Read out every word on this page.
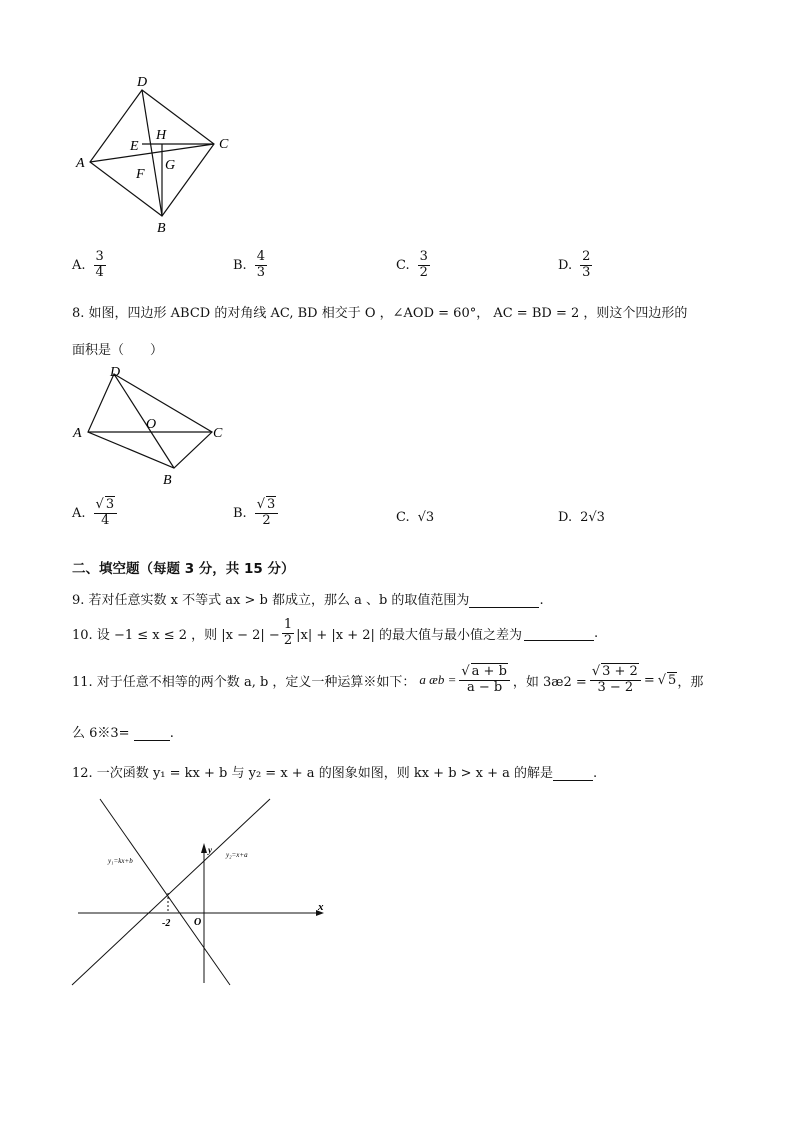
D
C
A
B
E
H
F
G
A. $\frac{3}{4}$	B. $\frac{4}{3}$	C. $\frac{3}{2}$	D. $\frac{2}{3}$
8. 如图，四边形 ABCD 的对角线 AC, BD 相交于 O ，∠AOD = 60°， AC = BD = 2 ，则这个四边形的
面积是（　　）
D
A
O
C
B
A. $\frac{√ 3}{4}$	B. $\frac{√ 3}{2}$	C. √3	D. 2√3
二、填空题（每题 3 分，共 15 分）
9. 若对任意实数 x 不等式 ax > b 都成立，那么 a 、b 的取值范围为	.
10. 设 −1 ≤ x ≤ 2 ，则 $|x - 2| - \frac{1}{2} |x| + |x + 2|$ 的最大值与最小值之差为
	.
11. 对于任意不相等的两个数 a, b ，定义一种运算※如下： a æb = $\frac{√ a + b}{a - b}$ ，如 3æ2 = $\frac{√ 3 + 2}{3 - 2}$ = √ 5 ，那
么 6※3=	.
12. 一次函数 y₁ = kx + b 与 y₂ = x + a 的图象如图，则 kx + b > x + a 的解是	.
x
y
y₁=kx+b
y₂=x+a
-2 O
